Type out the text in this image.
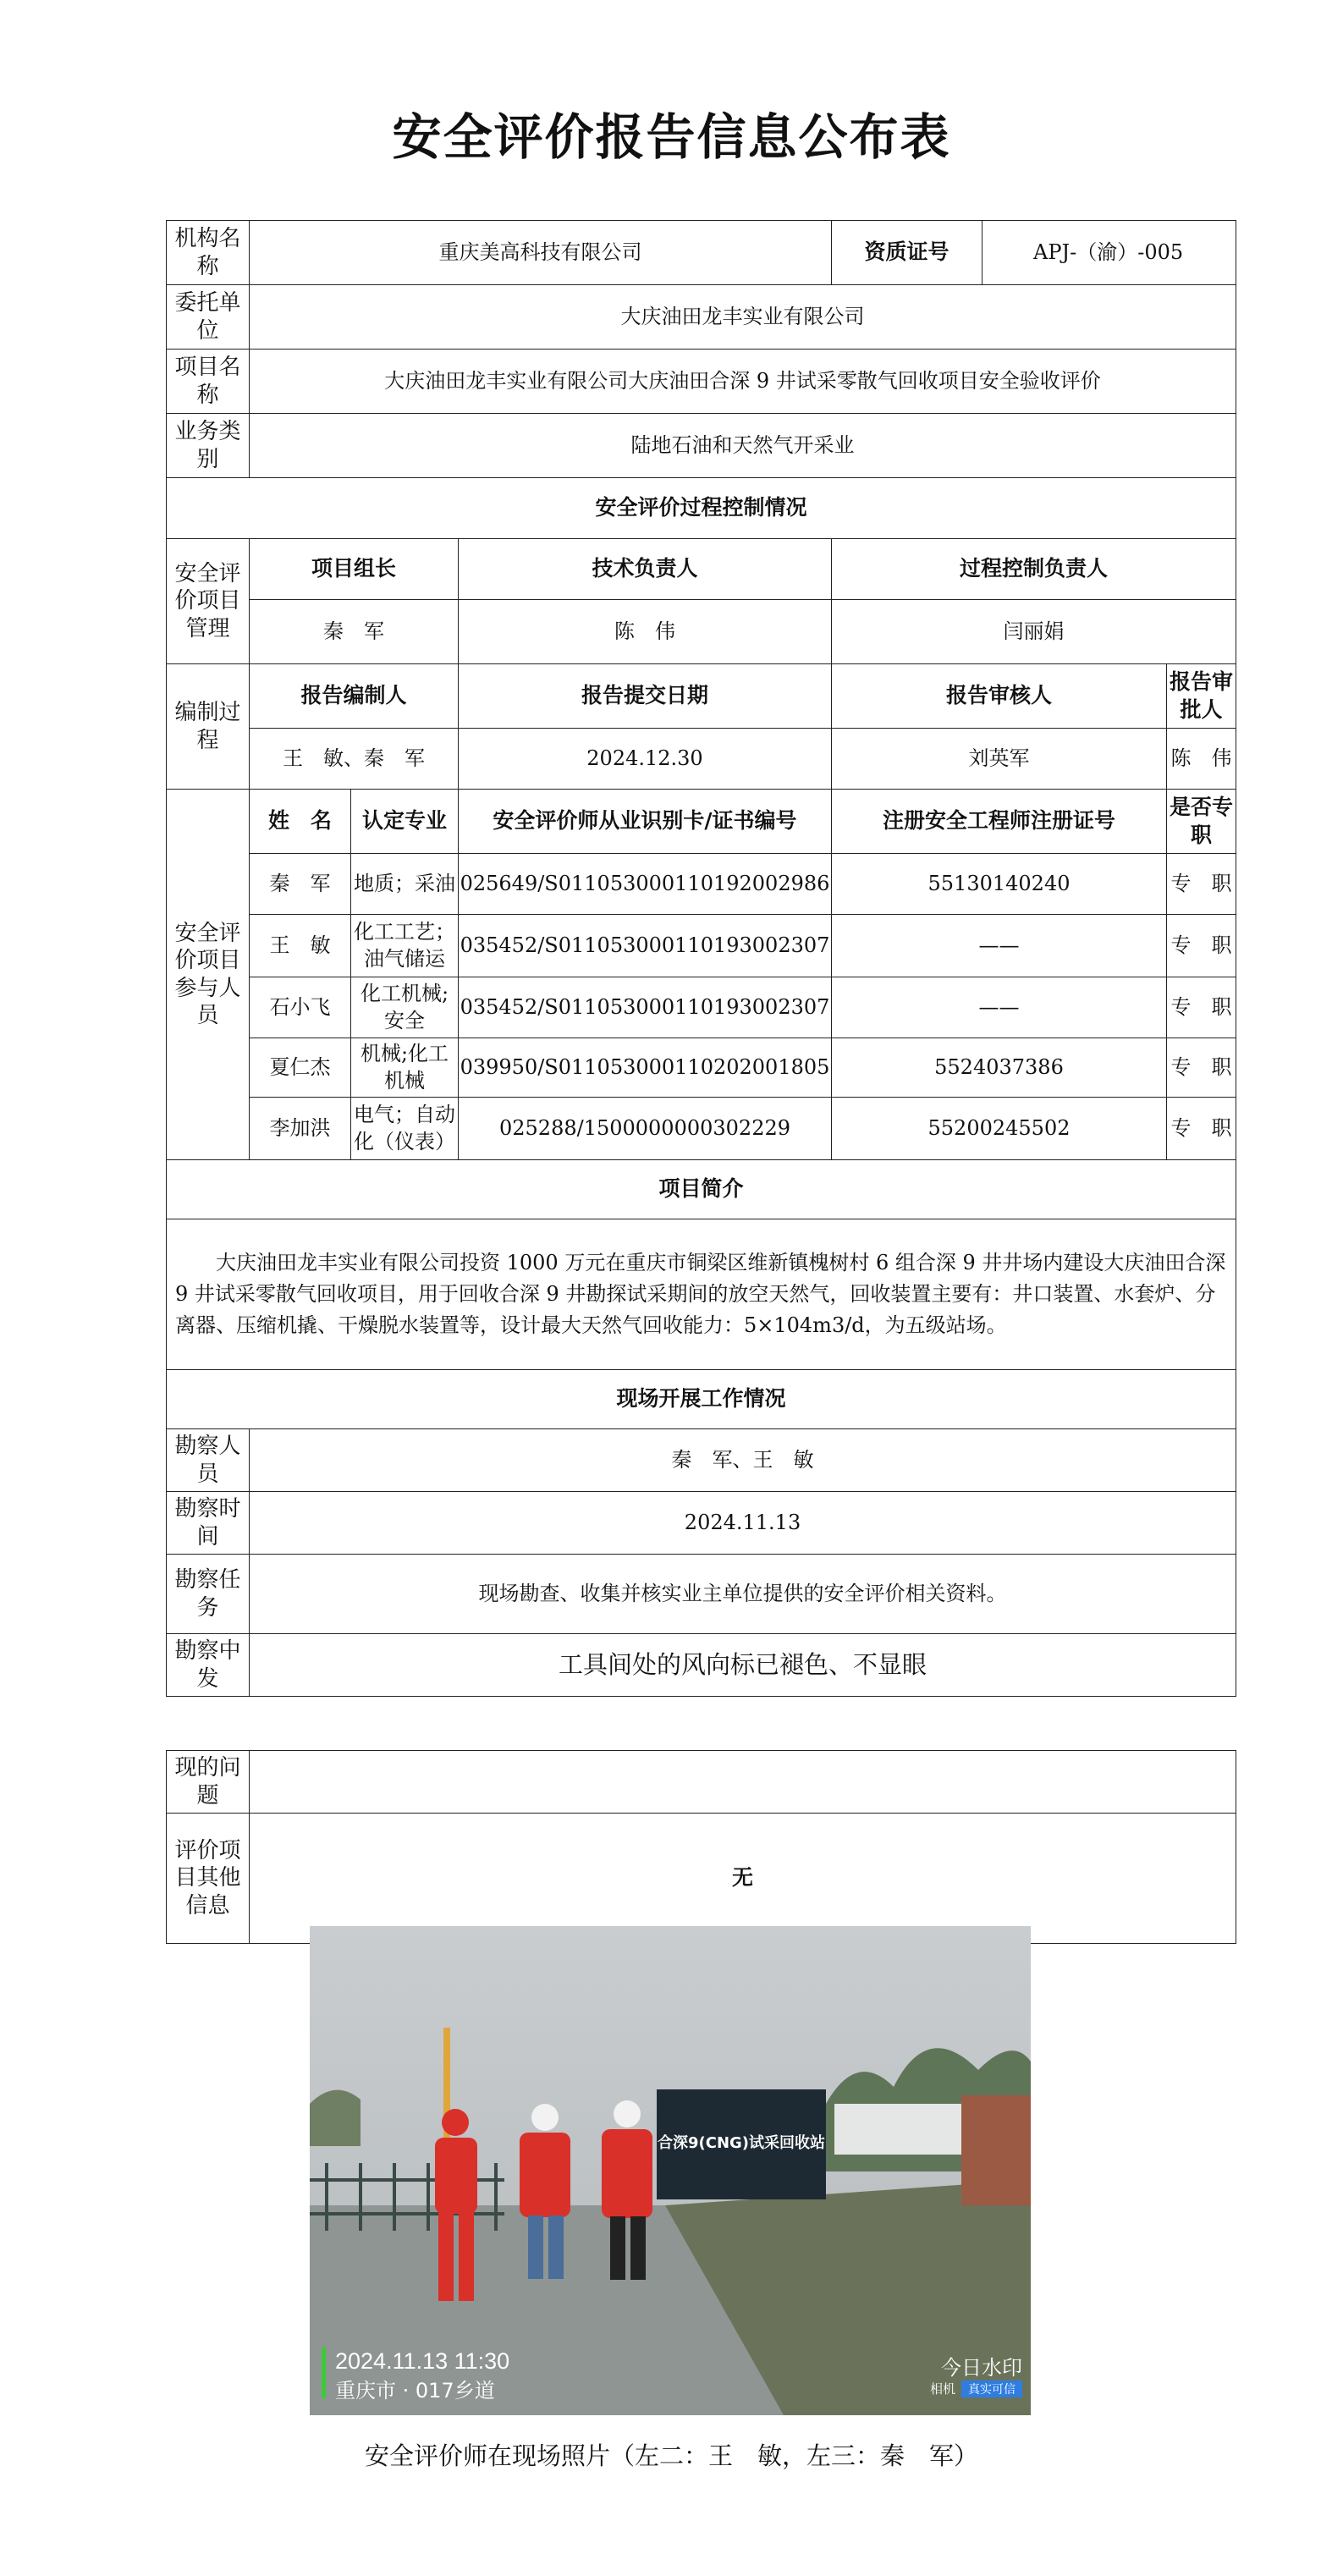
安全评价报告信息公布表
机构名称	重庆美高科技有限公司			资质证号	APJ-（渝）-005	
委托单位	大庆油田龙丰实业有限公司					
项目名称	大庆油田龙丰实业有限公司大庆油田合深 9 井试采零散气回收项目安全验收评价					
业务类别	陆地石油和天然气开采业					
安全评价过程控制情况						
安全评价项目管理	项目组长		技术负责人	过程控制负责人		
	秦　军		陈　伟	闫丽娟		
编制过程	报告编制人		报告提交日期	报告审核人		报告审批人
	王　敏、秦　军		2024.12.30	刘英军		陈　伟
安全评价项目参与人员	姓　名	认定专业	安全评价师从业识别卡/证书编号	注册安全工程师注册证号		是否专职
	秦　军	地质；采油	025649/S011053000110192002986	55130140240		专　职
	王　敏	化工工艺；油气储运	035452/S011053000110193002307	——		专　职
	石小飞	化工机械;安全	035452/S011053000110193002307	——		专　职
	夏仁杰	机械;化工机械	039950/S011053000110202001805	5524037386		专　职
	李加洪	电气；自动化（仪表）	025288/1500000000302229	55200245502		专　职
项目简介						
大庆油田龙丰实业有限公司投资 1000 万元在重庆市铜梁区维新镇槐树村 6 组合深 9 井井场内建设大庆油田合深 9 井试采零散气回收项目，用于回收合深 9 井勘探试采期间的放空天然气，回收装置主要有：井口装置、水套炉、分离器、压缩机撬、干燥脱水装置等，设计最大天然气回收能力：5×104m3/d，为五级站场。						
现场开展工作情况						
勘察人员	秦　军、王　敏					
勘察时间	2024.11.13					
勘察任务	现场勘查、收集并核实业主单位提供的安全评价相关资料。					
勘察中发	工具间处的风向标已褪色、不显眼					
现的问题	
评价项目其他信息	无
合深9(CNG)试采回收站
2024.11.13 11:30
重庆市 · 017乡道
今日水印
相机 真实可信
安全评价师在现场照片（左二：王　敏，左三：秦　军）
